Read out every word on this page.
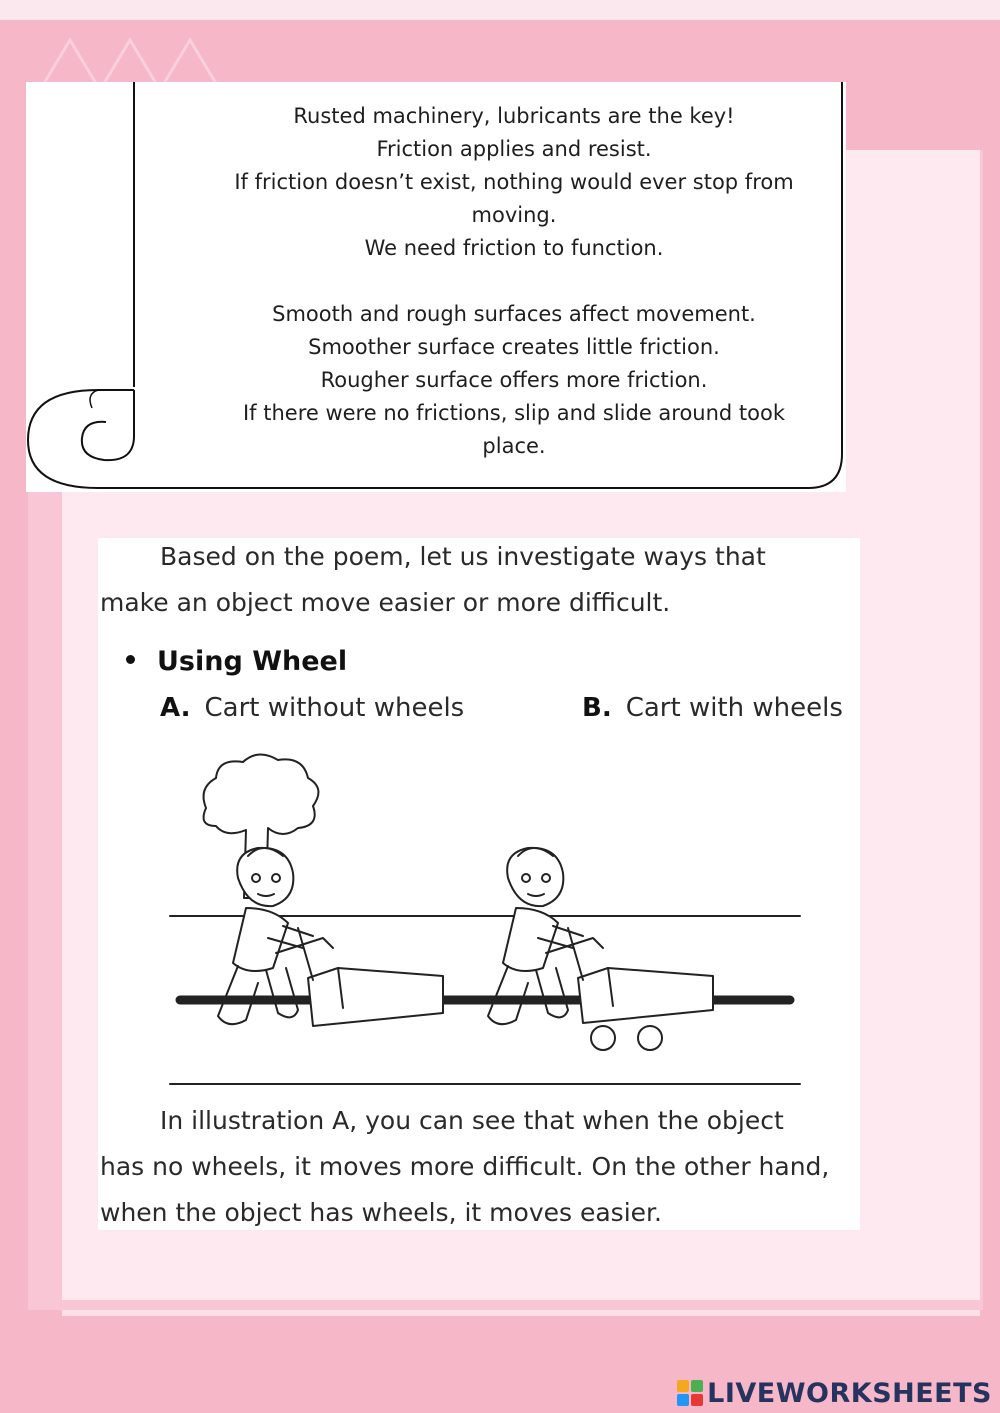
Rusted machinery, lubricants are the key!
Friction applies and resist.
If friction doesn’t exist, nothing would ever stop from
moving.
We need friction to function.
Smooth and rough surfaces affect movement.
Smoother surface creates little friction.
Rougher surface offers more friction.
If there were no frictions, slip and slide around took
place.
Based on the poem, let us investigate ways that
make an object move easier or more difficult.
Using Wheel
A. Cart without wheels	B. Cart with wheels
In illustration A, you can see that when the object
has no wheels, it moves more difficult. On the other hand,
when the object has wheels, it moves easier.
LIVEWORKSHEETS
